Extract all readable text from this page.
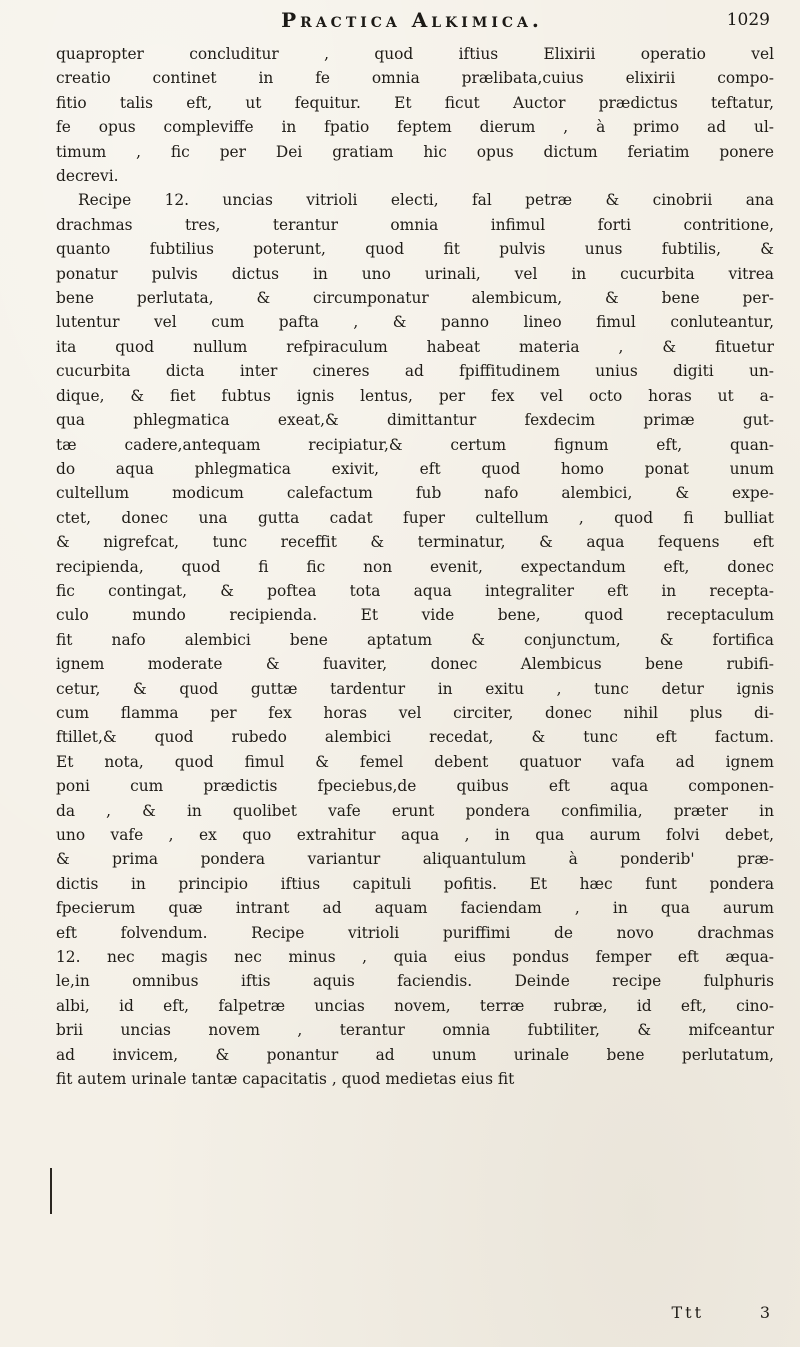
Practica Alkimica.	1029

quapropter concluditur , quod iftius Elixirii operatio vel

creatio continet in fe omnia prælibata,cuius elixirii compo-

fitio talis eft, ut fequitur. Et ficut Auctor prædictus teftatur,

fe opus compleviffe in fpatio feptem dierum , à primo ad ul-

timum , fic per Dei gratiam hic opus dictum feriatim ponere

decrevi.

Recipe 12. uncias vitrioli electi, fal petræ & cinobrii ana

drachmas tres, terantur omnia infimul forti contritione,

quanto fubtilius poterunt, quod fit pulvis unus fubtilis, &

ponatur pulvis dictus in uno urinali, vel in cucurbita vitrea

bene perlutata, & circumponatur alembicum, & bene per-

lutentur vel cum pafta , & panno lineo fimul conluteantur,

ita quod nullum refpiraculum habeat materia , & fituetur

cucurbita dicta inter cineres ad fpiffitudinem unius digiti un-

dique, & fiet fubtus ignis lentus, per fex vel octo horas ut a-

qua phlegmatica exeat,& dimittantur fexdecim primæ gut-

tæ cadere,antequam recipiatur,& certum fignum eft, quan-

do aqua phlegmatica exivit, eft quod homo ponat unum

cultellum modicum calefactum fub nafo alembici, & expe-

ctet, donec una gutta cadat fuper cultellum , quod fi bulliat

& nigrefcat, tunc receffit & terminatur, & aqua fequens eft

recipienda, quod fi fic non evenit, expectandum eft, donec

fic contingat, & poftea tota aqua integraliter eft in recepta-

culo mundo recipienda. Et vide bene, quod receptaculum

fit nafo alembici bene aptatum & conjunctum, & fortifica

ignem moderate & fuaviter, donec Alembicus bene rubifi-

cetur, & quod guttæ tardentur in exitu , tunc detur ignis

cum flamma per fex horas vel circiter, donec nihil plus di-

ftillet,& quod rubedo alembici recedat, & tunc eft factum.

Et nota, quod fimul & femel debent quatuor vafa ad ignem

poni cum prædictis fpeciebus,de quibus eft aqua componen-

da , & in quolibet vafe erunt pondera confimilia, præter in

uno vafe , ex quo extrahitur aqua , in qua aurum folvi debet,

& prima pondera variantur aliquantulum à ponderib' præ-

dictis in principio iftius capituli pofitis. Et hæc funt pondera

fpecierum quæ intrant ad aquam faciendam , in qua aurum

eft folvendum. Recipe vitrioli puriffimi de novo drachmas

12. nec magis nec minus , quia eius pondus femper eft æqua-

le,in omnibus iftis aquis faciendis. Deinde recipe fulphuris

albi, id eft, falpetræ uncias novem, terræ rubræ, id eft, cino-

brii uncias novem , terantur omnia fubtiliter, & mifceantur

ad invicem, & ponantur ad unum urinale bene perlutatum,

fit autem urinale tantæ capacitatis , quod medietas eius fit

Ttt	3
